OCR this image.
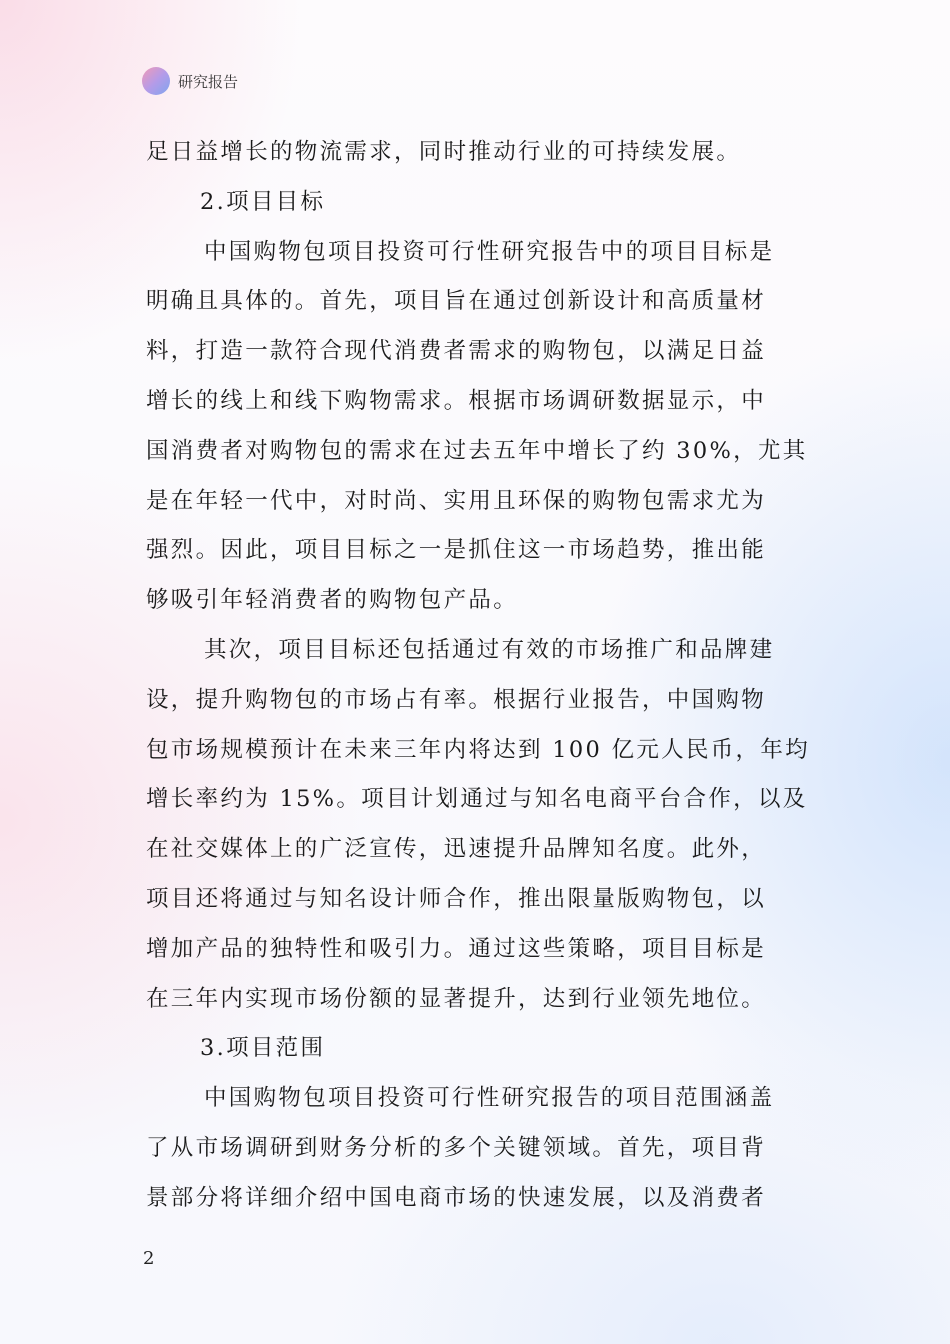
研究报告
足日益增长的物流需求，同时推动行业的可持续发展。
2.项目目标
中国购物包项目投资可行性研究报告中的项目目标是
明确且具体的。首先，项目旨在通过创新设计和高质量材
料，打造一款符合现代消费者需求的购物包，以满足日益
增长的线上和线下购物需求。根据市场调研数据显示，中
国消费者对购物包的需求在过去五年中增长了约 30%，尤其
是在年轻一代中，对时尚、实用且环保的购物包需求尤为
强烈。因此，项目目标之一是抓住这一市场趋势，推出能
够吸引年轻消费者的购物包产品。
其次，项目目标还包括通过有效的市场推广和品牌建
设，提升购物包的市场占有率。根据行业报告，中国购物
包市场规模预计在未来三年内将达到 100 亿元人民币，年均
增长率约为 15%。项目计划通过与知名电商平台合作，以及
在社交媒体上的广泛宣传，迅速提升品牌知名度。此外，
项目还将通过与知名设计师合作，推出限量版购物包，以
增加产品的独特性和吸引力。通过这些策略，项目目标是
在三年内实现市场份额的显著提升，达到行业领先地位。
3.项目范围
中国购物包项目投资可行性研究报告的项目范围涵盖
了从市场调研到财务分析的多个关键领域。首先，项目背
景部分将详细介绍中国电商市场的快速发展，以及消费者
2
